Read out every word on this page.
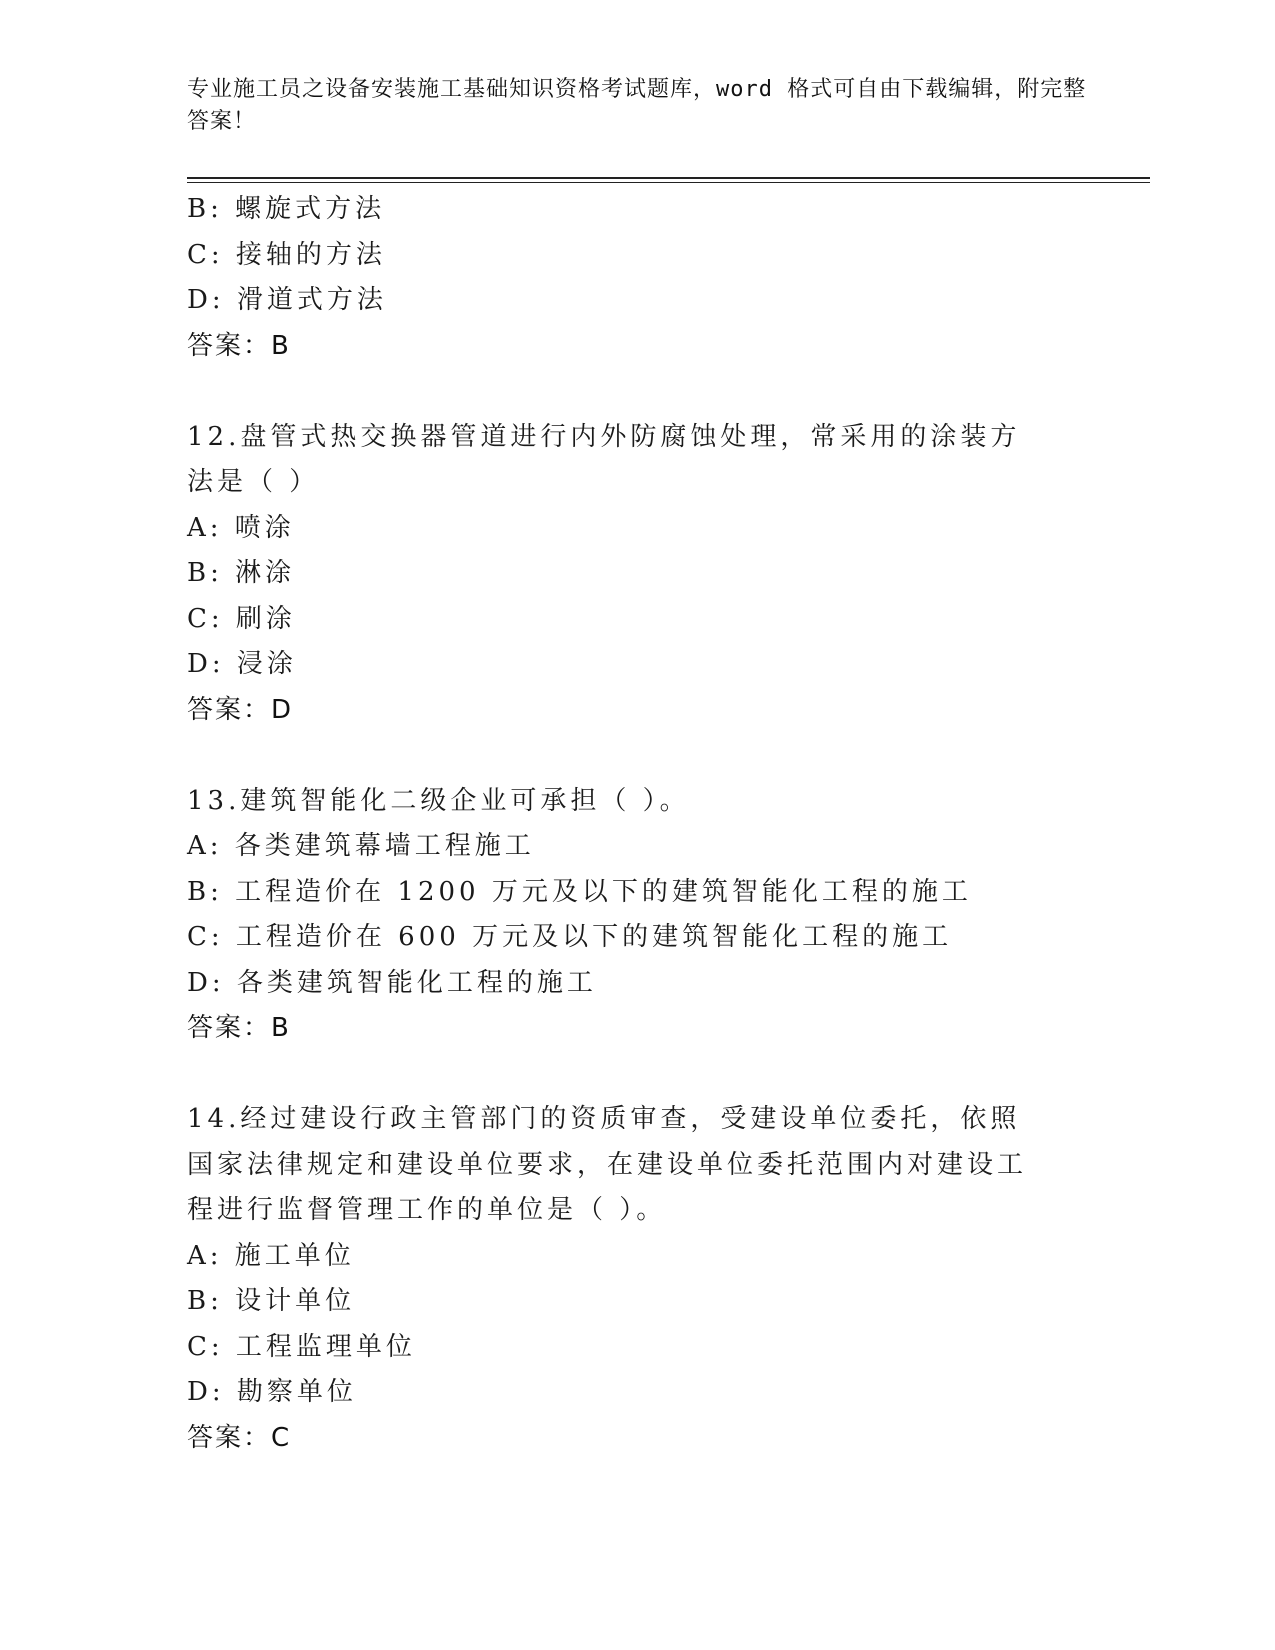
专业施工员之设备安装施工基础知识资格考试题库，word 格式可自由下载编辑，附完整答案！
B: 螺旋式方法
C: 接轴的方法
D: 滑道式方法
答案：B
12.盘管式热交换器管道进行内外防腐蚀处理，常采用的涂装方法是（ ）
A: 喷涂
B: 淋涂
C: 刷涂
D: 浸涂
答案：D
13.建筑智能化二级企业可承担（ ）。
A: 各类建筑幕墙工程施工
B: 工程造价在 1200 万元及以下的建筑智能化工程的施工
C: 工程造价在 600 万元及以下的建筑智能化工程的施工
D: 各类建筑智能化工程的施工
答案：B
14.经过建设行政主管部门的资质审查，受建设单位委托，依照国家法律规定和建设单位要求，在建设单位委托范围内对建设工程进行监督管理工作的单位是（ ）。
A: 施工单位
B: 设计单位
C: 工程监理单位
D: 勘察单位
答案：C
